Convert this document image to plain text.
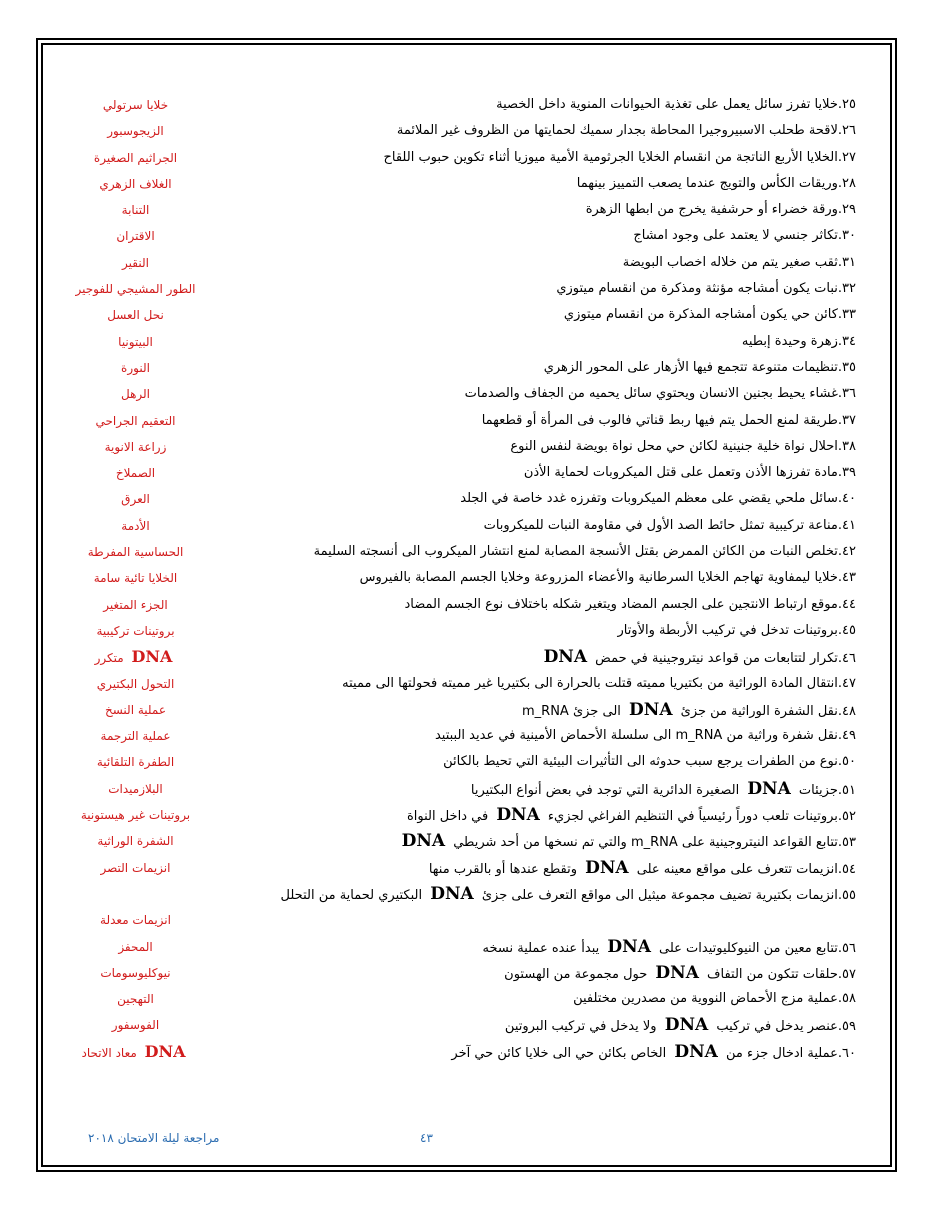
٢٥.خلايا تفرز سائل يعمل على تغذية الحيوانات المنوية داخل الخصية
خلايا سرتولي
٢٦.لاقحة طحلب الاسبيروجيرا المحاطة بجدار سميك لحمايتها من الظروف غير الملائمة
الزيجوسبور
٢٧.الخلايا الأربع الناتجة من انقسام الخلايا الجرثومية الأمية ميوزيا أثناء تكوين حبوب اللقاح
الجراثيم الصغيرة
٢٨.وريقات الكأس والتويج عندما يصعب التمييز بينهما
الغلاف الزهري
٢٩.ورقة خضراء أو حرشفية يخرج من ابطها الزهرة
التنابة
٣٠.تكاثر جنسي لا يعتمد على وجود امشاج
الاقتران
٣١.ثقب صغير يتم من خلاله اخصاب البويضة
النقير
٣٢.نبات يكون أمشاجه مؤنثة ومذكرة من انقسام ميتوزي
الطور المشيجي للفوجير
٣٣.كائن حي يكون أمشاجه المذكرة من انقسام ميتوزي
نحل العسل
٣٤.زهرة وحيدة إبطيه
البيتونيا
٣٥.تنظيمات متنوعة تتجمع فيها الأزهار على المحور الزهري
النورة
٣٦.غشاء يحيط بجنين الانسان ويحتوي سائل يحميه من الجفاف والصدمات
الرهل
٣٧.طريقة لمنع الحمل يتم فيها ربط قناتي فالوب فى المرأة أو قطعهما
التعقيم الجراحي
٣٨.احلال نواة خلية جنينية لكائن حي محل نواة بويضة لنفس النوع
زراعة الانوية
٣٩.مادة تفرزها الأذن وتعمل على قتل الميكروبات لحماية الأذن
الصملاخ
٤٠.سائل ملحي يقضي على معظم الميكروبات وتفرزه غدد خاصة في الجلد
العرق
٤١.مناعة تركيبية تمثل حائط الصد الأول في مقاومة النبات للميكروبات
الأدمة
٤٢.تخلص النبات من الكائن الممرض بقتل الأنسجة المصابة لمنع انتشار الميكروب الى أنسجته السليمة
الحساسية المفرطة
٤٣.خلايا ليمفاوية تهاجم الخلايا السرطانية والأعضاء المزروعة وخلايا الجسم المصابة بالفيروس
الخلايا تائية سامة
٤٤.موقع ارتباط الانتجين على الجسم المضاد ويتغير شكله باختلاف نوع الجسم المضاد
الجزء المتغير
٤٥.بروتينات تدخل في تركيب الأربطة والأوتار
بروتينات تركيبية
٤٦.تكرار لتتابعات من قواعد نيتروجينية في حمض DNA
DNA متكرر
٤٧.انتقال المادة الوراثية من بكتيريا مميته قتلت بالحرارة الى بكتيريا غير مميته فحولتها الى مميته
التحول البكتيري
٤٨.نقل الشفرة الوراثية من جزئ DNA الى جزئ m_RNA
عملية النسخ
٤٩.نقل شفرة وراثية من m_RNA الى سلسلة الأحماض الأمينية في عديد الببتيد
عملية الترجمة
٥٠.نوع من الطفرات يرجع سبب حدوثه الى التأثيرات البيئية التي تحيط بالكائن
الطفرة التلقائية
٥١.جزيئات DNA الصغيرة الدائرية التي توجد في بعض أنواع البكتيريا
البلازميدات
٥٢.بروتينات تلعب دوراً رئيسياً في التنظيم الفراغي لجزيء DNA في داخل النواة
بروتينات غير هيستونية
٥٣.تتابع القواعد النيتروجينية على m_RNA والتي تم نسخها من أحد شريطي DNA
الشفرة الوراثية
٥٤.انزيمات تتعرف على مواقع معينه على DNA وتقطع عندها أو بالقرب منها
انزيمات التصر
٥٥.انزيمات بكتيرية تضيف مجموعة ميثيل الى مواقع التعرف على جزئ DNA البكتيري لحماية من التحلل
انزيمات معدلة
٥٦.تتابع معين من النيوكليوتيدات على DNA يبدأ عنده عملية نسخه
المحفز
٥٧.حلقات تتكون من التفاف DNA حول مجموعة من الهستون
نيوكليوسومات
٥٨.عملية مزج الأحماض النووية من مصدرين مختلفين
التهجين
٥٩.عنصر يدخل في تركيب DNA ولا يدخل في تركيب البروتين
الفوسفور
٦٠.عملية ادخال جزء من DNA الخاص بكائن حي الى خلايا كائن حي آخر
DNA معاد الاتحاد
مراجعة ليلة الامتحان ٢٠١٨	٤٣
